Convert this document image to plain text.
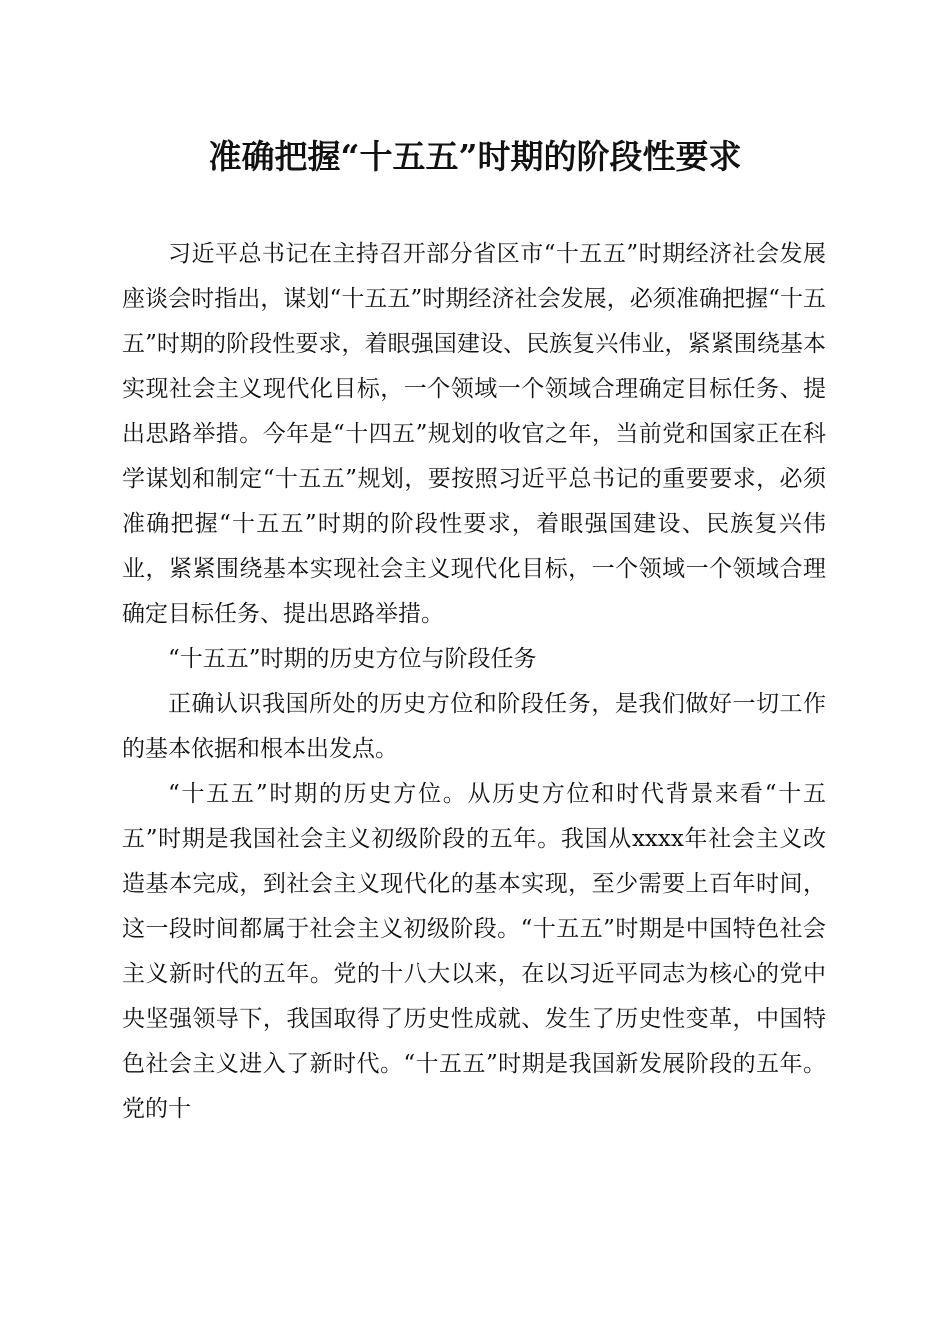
准确把握“十五五”时期的阶段性要求

习近平总书记在主持召开部分省区市“十五五”时期经济社会发展座谈会时指出，谋划“十五五”时期经济社会发展，必须准确把握“十五五”时期的阶段性要求，着眼强国建设、民族复兴伟业，紧紧围绕基本实现社会主义现代化目标，一个领域一个领域合理确定目标任务、提出思路举措。今年是“十四五”规划的收官之年，当前党和国家正在科学谋划和制定“十五五”规划，要按照习近平总书记的重要要求，必须准确把握“十五五”时期的阶段性要求，着眼强国建设、民族复兴伟业，紧紧围绕基本实现社会主义现代化目标，一个领域一个领域合理确定目标任务、提出思路举措。

“十五五”时期的历史方位与阶段任务

正确认识我国所处的历史方位和阶段任务，是我们做好一切工作的基本依据和根本出发点。

“十五五”时期的历史方位。从历史方位和时代背景来看“十五五”时期是我国社会主义初级阶段的五年。我国从xxxx年社会主义改造基本完成，到社会主义现代化的基本实现，至少需要上百年时间，这一段时间都属于社会主义初级阶段。“十五五”时期是中国特色社会主义新时代的五年。党的十八大以来，在以习近平同志为核心的党中央坚强领导下，我国取得了历史性成就、发生了历史性变革，中国特色社会主义进入了新时代。“十五五”时期是我国新发展阶段的五年。党的十
